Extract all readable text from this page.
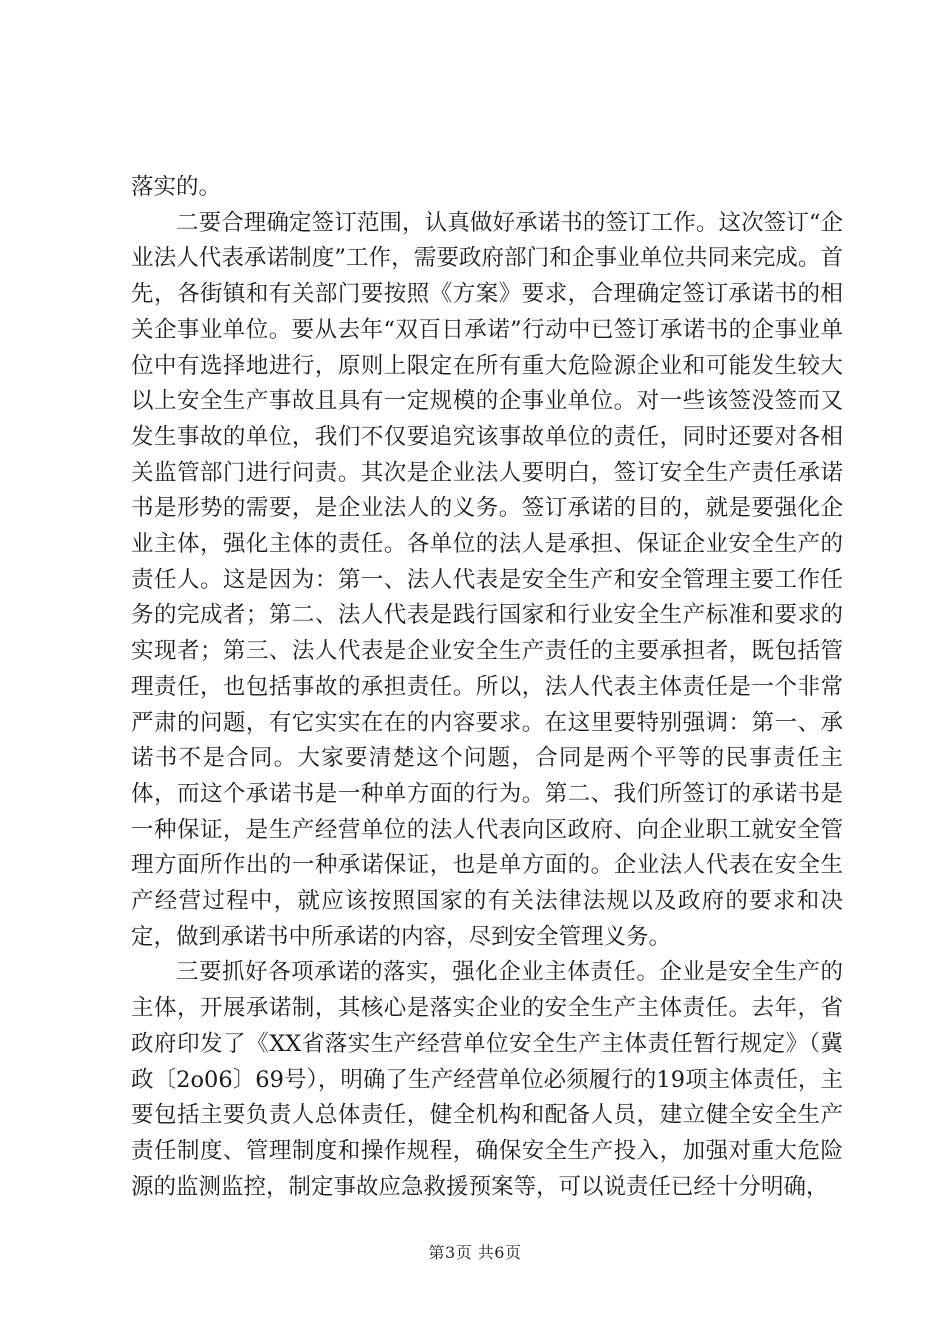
落实的。

二要合理确定签订范围，认真做好承诺书的签订工作。这次签订“企业法人代表承诺制度”工作，需要政府部门和企事业单位共同来完成。首先，各街镇和有关部门要按照《方案》要求，合理确定签订承诺书的相关企事业单位。要从去年“双百日承诺”行动中已签订承诺书的企事业单位中有选择地进行，原则上限定在所有重大危险源企业和可能发生较大以上安全生产事故且具有一定规模的企事业单位。对一些该签没签而又发生事故的单位，我们不仅要追究该事故单位的责任，同时还要对各相关监管部门进行问责。其次是企业法人要明白，签订安全生产责任承诺书是形势的需要，是企业法人的义务。签订承诺的目的，就是要强化企业主体，强化主体的责任。各单位的法人是承担、保证企业安全生产的责任人。这是因为：第一、法人代表是安全生产和安全管理主要工作任务的完成者；第二、法人代表是践行国家和行业安全生产标准和要求的实现者；第三、法人代表是企业安全生产责任的主要承担者，既包括管理责任，也包括事故的承担责任。所以，法人代表主体责任是一个非常严肃的问题，有它实实在在的内容要求。在这里要特别强调：第一、承诺书不是合同。大家要清楚这个问题，合同是两个平等的民事责任主体，而这个承诺书是一种单方面的行为。第二、我们所签订的承诺书是一种保证，是生产经营单位的法人代表向区政府、向企业职工就安全管理方面所作出的一种承诺保证，也是单方面的。企业法人代表在安全生产经营过程中，就应该按照国家的有关法律法规以及政府的要求和决定，做到承诺书中所承诺的内容，尽到安全管理义务。

三要抓好各项承诺的落实，强化企业主体责任。企业是安全生产的主体，开展承诺制，其核心是落实企业的安全生产主体责任。去年，省政府印发了《XX省落实生产经营单位安全生产主体责任暂行规定》（冀政〔2o06〕69号），明确了生产经营单位必须履行的19项主体责任，主要包括主要负责人总体责任，健全机构和配备人员，建立健全安全生产责任制度、管理制度和操作规程，确保安全生产投入，加强对重大危险源的监测监控，制定事故应急救援预案等，可以说责任已经十分明确，

第3页 共6页
